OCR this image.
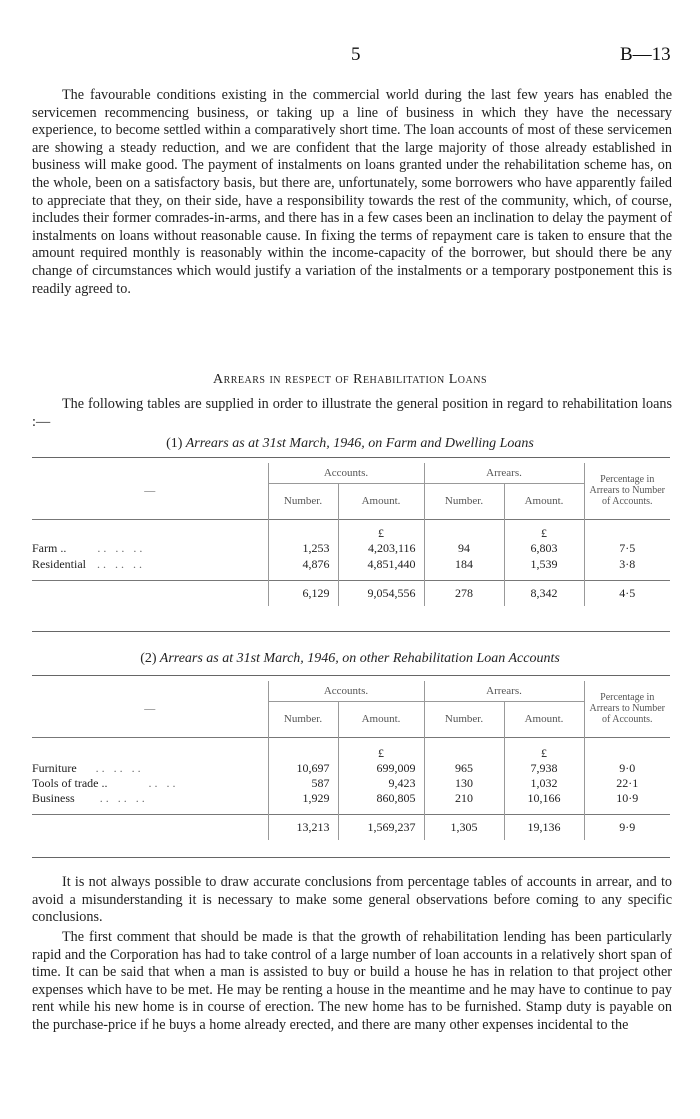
5	B—13

The favourable conditions existing in the commercial world during the last few years has enabled the servicemen recommencing business, or taking up a line of business in which they have the necessary experience, to become settled within a comparatively short time. The loan accounts of most of these servicemen are showing a steady reduction, and we are confident that the large majority of those already established in business will make good. The payment of instalments on loans granted under the rehabilitation scheme has, on the whole, been on a satisfactory basis, but there are, unfortunately, some borrowers who have apparently failed to appreciate that they, on their side, have a responsibility towards the rest of the community, which, of course, includes their former comrades-in-arms, and there has in a few cases been an inclination to delay the payment of instalments on loans without reasonable cause. In fixing the terms of repayment care is taken to ensure that the amount required monthly is reasonably within the income-capacity of the borrower, but should there be any change of circumstances which would justify a variation of the instalments or a temporary postponement this is readily agreed to.

Arrears in respect of Rehabilitation Loans

The following tables are supplied in order to illustrate the general position in regard to rehabilitation loans :—

(1) Arrears as at 31st March, 1946, on Farm and Dwelling Loans
—	Accounts.		Arrears.		Percentage in Arrears to Number of Accounts.
	Number.	Amount.	Number.	Amount.	
		£		£	
Farm .. .. .. ..	1,253	4,203,116	94	6,803	7·5
Residential .. .. ..	4,876	4,851,440	184	1,539	3·8

	6,129	9,054,556	278	8,342	4·5
(2) Arrears as at 31st March, 1946, on other Rehabilitation Loan Accounts
—	Accounts.		Arrears.		Percentage in Arrears to Number of Accounts.
	Number.	Amount.	Number.	Amount.	
		£		£	
Furniture .. .. ..	10,697	699,009	965	7,938	9·0
Tools of trade .. .. ..	587	9,423	130	1,032	22·1
Business .. .. ..	1,929	860,805	210	10,166	10·9

	13,213	1,569,237	1,305	19,136	9·9

It is not always possible to draw accurate conclusions from percentage tables of accounts in arrear, and to avoid a misunderstanding it is necessary to make some general observations before coming to any specific conclusions.

The first comment that should be made is that the growth of rehabilitation lending has been particularly rapid and the Corporation has had to take control of a large number of loan accounts in a relatively short span of time. It can be said that when a man is assisted to buy or build a house he has in relation to that project other expenses which have to be met. He may be renting a house in the meantime and he may have to continue to pay rent while his new home is in course of erection. The new home has to be furnished. Stamp duty is payable on the purchase-price if he buys a home already erected, and there are many other expenses incidental to the
